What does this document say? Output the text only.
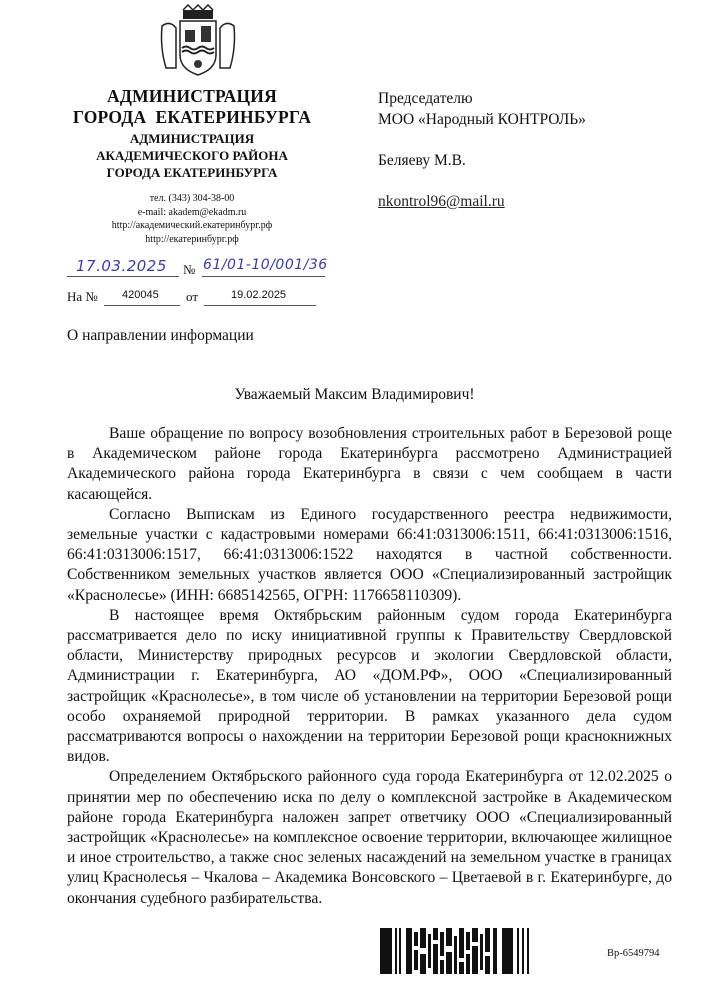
АДМИНИСТРАЦИЯ
ГОРОДА  ЕКАТЕРИНБУРГА
АДМИНИСТРАЦИЯ
АКАДЕМИЧЕСКОГО РАЙОНА
ГОРОДА ЕКАТЕРИНБУРГА
тел. (343) 304-38-00
e-mail: akadem@ekadm.ru
http://академический.екатеринбург.рф
http://екатеринбург.рф
17.03.2025 № 61/01-10/001/36
На № 420045 от	19.02.2025
Председателю
МОО «Народный КОНТРОЛЬ»
Беляеву М.В.
nkontrol96@mail.ru
О направлении информации
Уважаемый Максим Владимирович!

Ваше обращение по вопросу возобновления строительных работ в Березовой роще в Академическом районе города Екатеринбурга рассмотрено Администрацией Академического района города Екатеринбурга в связи с чем сообщаем в части касающейся.

Согласно Выпискам из Единого государственного реестра недвижимости, земельные участки с кадастровыми номерами 66:41:0313006:1511, 66:41:0313006:1516, 66:41:0313006:1517, 66:41:0313006:1522 находятся в частной собственности. Собственником земельных участков является ООО «Специализированный застройщик «Краснолесье» (ИНН: 6685142565, ОГРН: 1176658110309).

В настоящее время Октябрьским районным судом города Екатеринбурга рассматривается дело по иску инициативной группы к Правительству Свердловской области, Министерству природных ресурсов и экологии Свердловской области, Администрации г. Екатеринбурга, АО «ДОМ.РФ», ООО «Специализированный застройщик «Краснолесье», в том числе об установлении на территории Березовой рощи особо охраняемой природной территории. В рамках указанного дела судом рассматриваются вопросы о нахождении на территории Березовой рощи краснокнижных видов.

Определением Октябрьского районного суда города Екатеринбурга от 12.02.2025 о принятии мер по обеспечению иска по делу о комплексной застройке в Академическом районе города Екатеринбурга наложен запрет ответчику ООО «Специализированный застройщик «Краснолесье» на комплексное освоение территории, включающее жилищное и иное строительство, а также снос зеленых насаждений на земельном участке в границах улиц Краснолесья – Чкалова – Академика Вонсовского – Цветаевой в г. Екатеринбурге, до окончания судебного разбирательства.

Вр-6549794
